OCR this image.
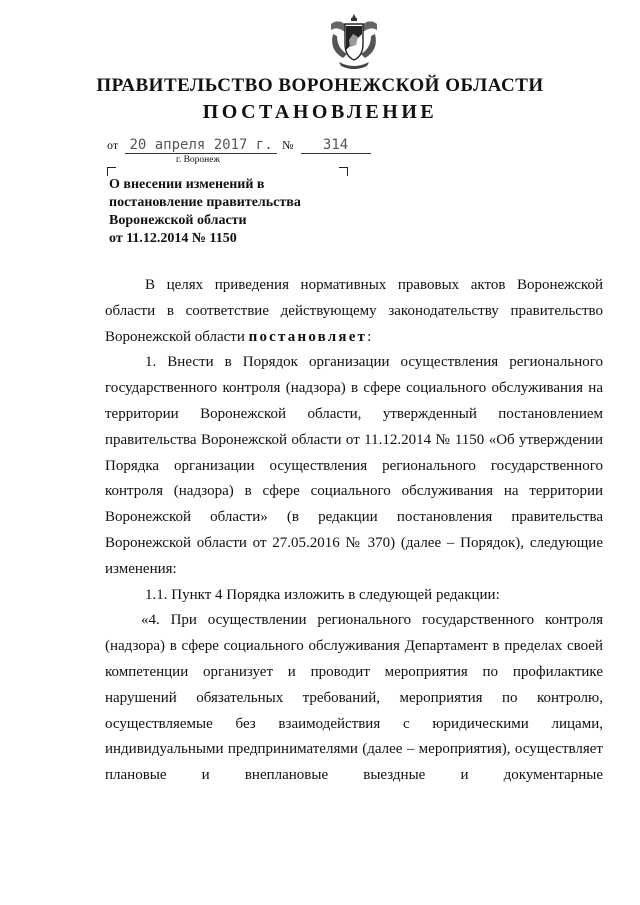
ПРАВИТЕЛЬСТВО ВОРОНЕЖСКОЙ ОБЛАСТИ
ПОСТАНОВЛЕНИЕ
от 20 апреля 2017 г. № 314
г. Воронеж
О внесении изменений в
постановление правительства
Воронежской области
от 11.12.2014 № 1150

В целях приведения нормативных правовых актов Воронежской области в соответствие действующему законодательству правительство Воронежской области постановляет:

1. Внести в Порядок организации осуществления регионального государственного контроля (надзора) в сфере социального обслуживания на территории Воронежской области, утвержденный постановлением правительства Воронежской области от 11.12.2014 № 1150 «Об утверждении Порядка организации осуществления регионального государственного контроля (надзора) в сфере социального обслуживания на территории Воронежской области» (в редакции постановления правительства Воронежской области от 27.05.2016 № 370) (далее – Порядок), следующие изменения:

1.1. Пункт 4 Порядка изложить в следующей редакции:

«4. При осуществлении регионального государственного контроля (надзора) в сфере социального обслуживания Департамент в пределах своей компетенции организует и проводит мероприятия по профилактике нарушений обязательных требований, мероприятия по контролю, осуществляемые без взаимодействия с юридическими лицами, индивидуальными предпринимателями (далее – мероприятия), осуществляет плановые и внеплановые выездные и документарные
